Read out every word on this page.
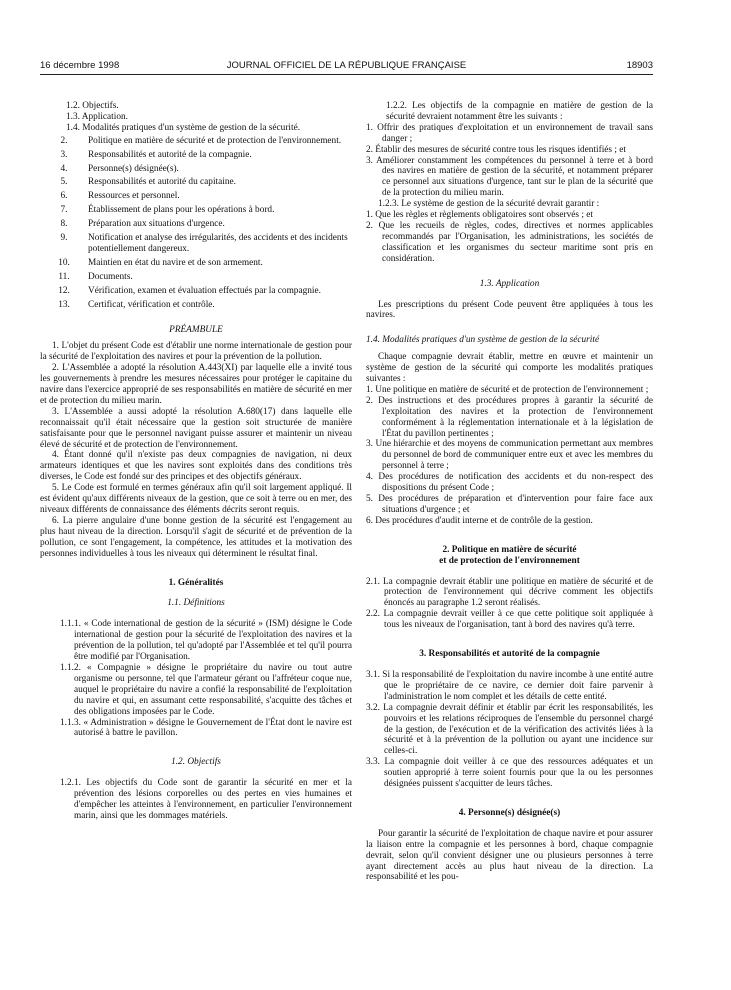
16 décembre 1998	JOURNAL OFFICIEL DE LA RÉPUBLIQUE FRANÇAISE	18903

1.2. Objectifs.

1.3. Application.

1.4. Modalités pratiques d'un système de gestion de la sécurité.

2.	Politique en matière de sécurité et de protection de l'environnement.
3.	Responsabilités et autorité de la compagnie.
4.	Personne(s) désignée(s).
5.	Responsabilités et autorité du capitaine.
6.	Ressources et personnel.
7.	Établissement de plans pour les opérations à bord.
8.	Préparation aux situations d'urgence.
9.	Notification et analyse des irrégularités, des accidents et des incidents potentiellement dangereux.
10.	Maintien en état du navire et de son armement.
11.	Documents.
12.	Vérification, examen et évaluation effectués par la compagnie.
13.	Certificat, vérification et contrôle.

PRÉAMBULE

1. L'objet du présent Code est d'établir une norme internationale de gestion pour la sécurité de l'exploitation des navires et pour la prévention de la pollution.

2. L'Assemblée a adopté la résolution A.443(XI) par laquelle elle a invité tous les gouvernements à prendre les mesures nécessaires pour protéger le capitaine du navire dans l'exercice approprié de ses responsabilités en matière de sécurité en mer et de protection du milieu marin.

3. L'Assemblée a aussi adopté la résolution A.680(17) dans laquelle elle reconnaissait qu'il était nécessaire que la gestion soit structurée de manière satisfaisante pour que le personnel navigant puisse assurer et maintenir un niveau élevé de sécurité et de protection de l'environnement.

4. Étant donné qu'il n'existe pas deux compagnies de navigation, ni deux armateurs identiques et que les navires sont exploités dans des conditions très diverses, le Code est fondé sur des principes et des objectifs généraux.

5. Le Code est formulé en termes généraux afin qu'il soit largement appliqué. Il est évident qu'aux différents niveaux de la gestion, que ce soit à terre ou en mer, des niveaux différents de connaissance des éléments décrits seront requis.

6. La pierre angulaire d'une bonne gestion de la sécurité est l'engagement au plus haut niveau de la direction. Lorsqu'il s'agit de sécurité et de prévention de la pollution, ce sont l'engagement, la compétence, les attitudes et la motivation des personnes individuelles à tous les niveaux qui déterminent le résultat final.

1. Généralités

1.1. Définitions

1.1.1. « Code international de gestion de la sécurité » (ISM) désigne le Code international de gestion pour la sécurité de l'exploitation des navires et la prévention de la pollution, tel qu'adopté par l'Assemblée et tel qu'il pourra être modifié par l'Organisation.

1.1.2. « Compagnie » désigne le propriétaire du navire ou tout autre organisme ou personne, tel que l'armateur gérant ou l'affréteur coque nue, auquel le propriétaire du navire a confié la responsabilité de l'exploitation du navire et qui, en assumant cette responsabilité, s'acquitte des tâches et des obligations imposées par le Code.

1.1.3. « Administration » désigne le Gouvernement de l'État dont le navire est autorisé à battre le pavillon.

1.2. Objectifs

1.2.1. Les objectifs du Code sont de garantir la sécurité en mer et la prévention des lésions corporelles ou des pertes en vies humaines et d'empêcher les atteintes à l'environnement, en particulier l'environnement marin, ainsi que les dommages matériels.

1.2.2. Les objectifs de la compagnie en matière de gestion de la sécurité devraient notamment être les suivants :

1. Offrir des pratiques d'exploitation et un environnement de travail sans danger ;

2. Établir des mesures de sécurité contre tous les risques identifiés ; et

3. Améliorer constamment les compétences du personnel à terre et à bord des navires en matière de gestion de la sécurité, et notamment préparer ce personnel aux situations d'urgence, tant sur le plan de la sécurité que de la protection du milieu marin.

1.2.3. Le système de gestion de la sécurité devrait garantir :

1. Que les règles et règlements obligatoires sont observés ; et

2. Que les recueils de règles, codes, directives et normes applicables recommandés par l'Organisation, les administrations, les sociétés de classification et les organismes du secteur maritime sont pris en considération.

1.3. Application

Les prescriptions du présent Code peuvent être appliquées à tous les navires.

1.4. Modalités pratiques d'un système de gestion de la sécurité

Chaque compagnie devrait établir, mettre en œuvre et maintenir un système de gestion de la sécurité qui comporte les modalités pratiques suivantes :

1. Une politique en matière de sécurité et de protection de l'environnement ;

2. Des instructions et des procédures propres à garantir la sécurité de l'exploitation des navires et la protection de l'environnement conformément à la réglementation internationale et à la législation de l'État du pavillon pertinentes ;

3. Une hiérarchie et des moyens de communication permettant aux membres du personnel de bord de communiquer entre eux et avec les membres du personnel à terre ;

4. Des procédures de notification des accidents et du non-respect des dispositions du présent Code ;

5. Des procédures de préparation et d'intervention pour faire face aux situations d'urgence ; et

6. Des procédures d'audit interne et de contrôle de la gestion.

2. Politique en matière de sécurité

et de protection de l'environnement

2.1. La compagnie devrait établir une politique en matière de sécurité et de protection de l'environnement qui décrive comment les objectifs énoncés au paragraphe 1.2 seront réalisés.

2.2. La compagnie devrait veiller à ce que cette politique soit appliquée à tous les niveaux de l'organisation, tant à bord des navires qu'à terre.

3. Responsabilités et autorité de la compagnie

3.1. Si la responsabilité de l'exploitation du navire incombe à une entité autre que le propriétaire de ce navire, ce dernier doit faire parvenir à l'administration le nom complet et les détails de cette entité.

3.2. La compagnie devrait définir et établir par écrit les responsabilités, les pouvoirs et les relations réciproques de l'ensemble du personnel chargé de la gestion, de l'exécution et de la vérification des activités liées à la sécurité et à la prévention de la pollution ou ayant une incidence sur celles-ci.

3.3. La compagnie doit veiller à ce que des ressources adéquates et un soutien approprié à terre soient fournis pour que la ou les personnes désignées puissent s'acquitter de leurs tâches.

4. Personne(s) désignée(s)

Pour garantir la sécurité de l'exploitation de chaque navire et pour assurer la liaison entre la compagnie et les personnes à bord, chaque compagnie devrait, selon qu'il convient désigner une ou plusieurs personnes à terre ayant directement accès au plus haut niveau de la direction. La responsabilité et les pou-
